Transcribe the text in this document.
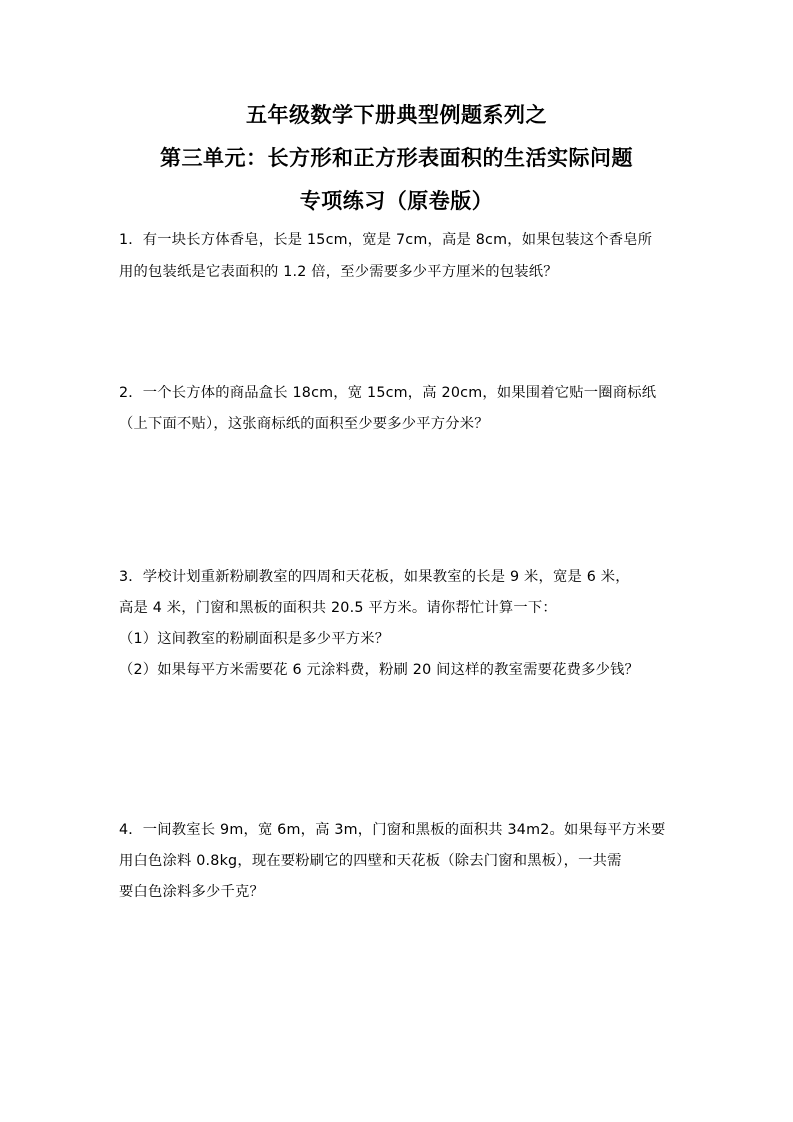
五年级数学下册典型例题系列之
第三单元：长方形和正方形表面积的生活实际问题
专项练习（原卷版）
1．有一块长方体香皂，长是 15cm，宽是 7cm，高是 8cm，如果包装这个香皂所
用的包装纸是它表面积的 1.2 倍，至少需要多少平方厘米的包装纸？
2．一个长方体的商品盒长 18cm，宽 15cm，高 20cm，如果围着它贴一圈商标纸
（上下面不贴），这张商标纸的面积至少要多少平方分米？
3．学校计划重新粉刷教室的四周和天花板，如果教室的长是 9 米，宽是 6 米，
高是 4 米，门窗和黑板的面积共 20.5 平方米。请你帮忙计算一下：
（1）这间教室的粉刷面积是多少平方米？
（2）如果每平方米需要花 6 元涂料费，粉刷 20 间这样的教室需要花费多少钱？
4．一间教室长 9m，宽 6m，高 3m，门窗和黑板的面积共 34m2。如果每平方米要
用白色涂料 0.8kg，现在要粉刷它的四壁和天花板（除去门窗和黑板），一共需
要白色涂料多少千克？
